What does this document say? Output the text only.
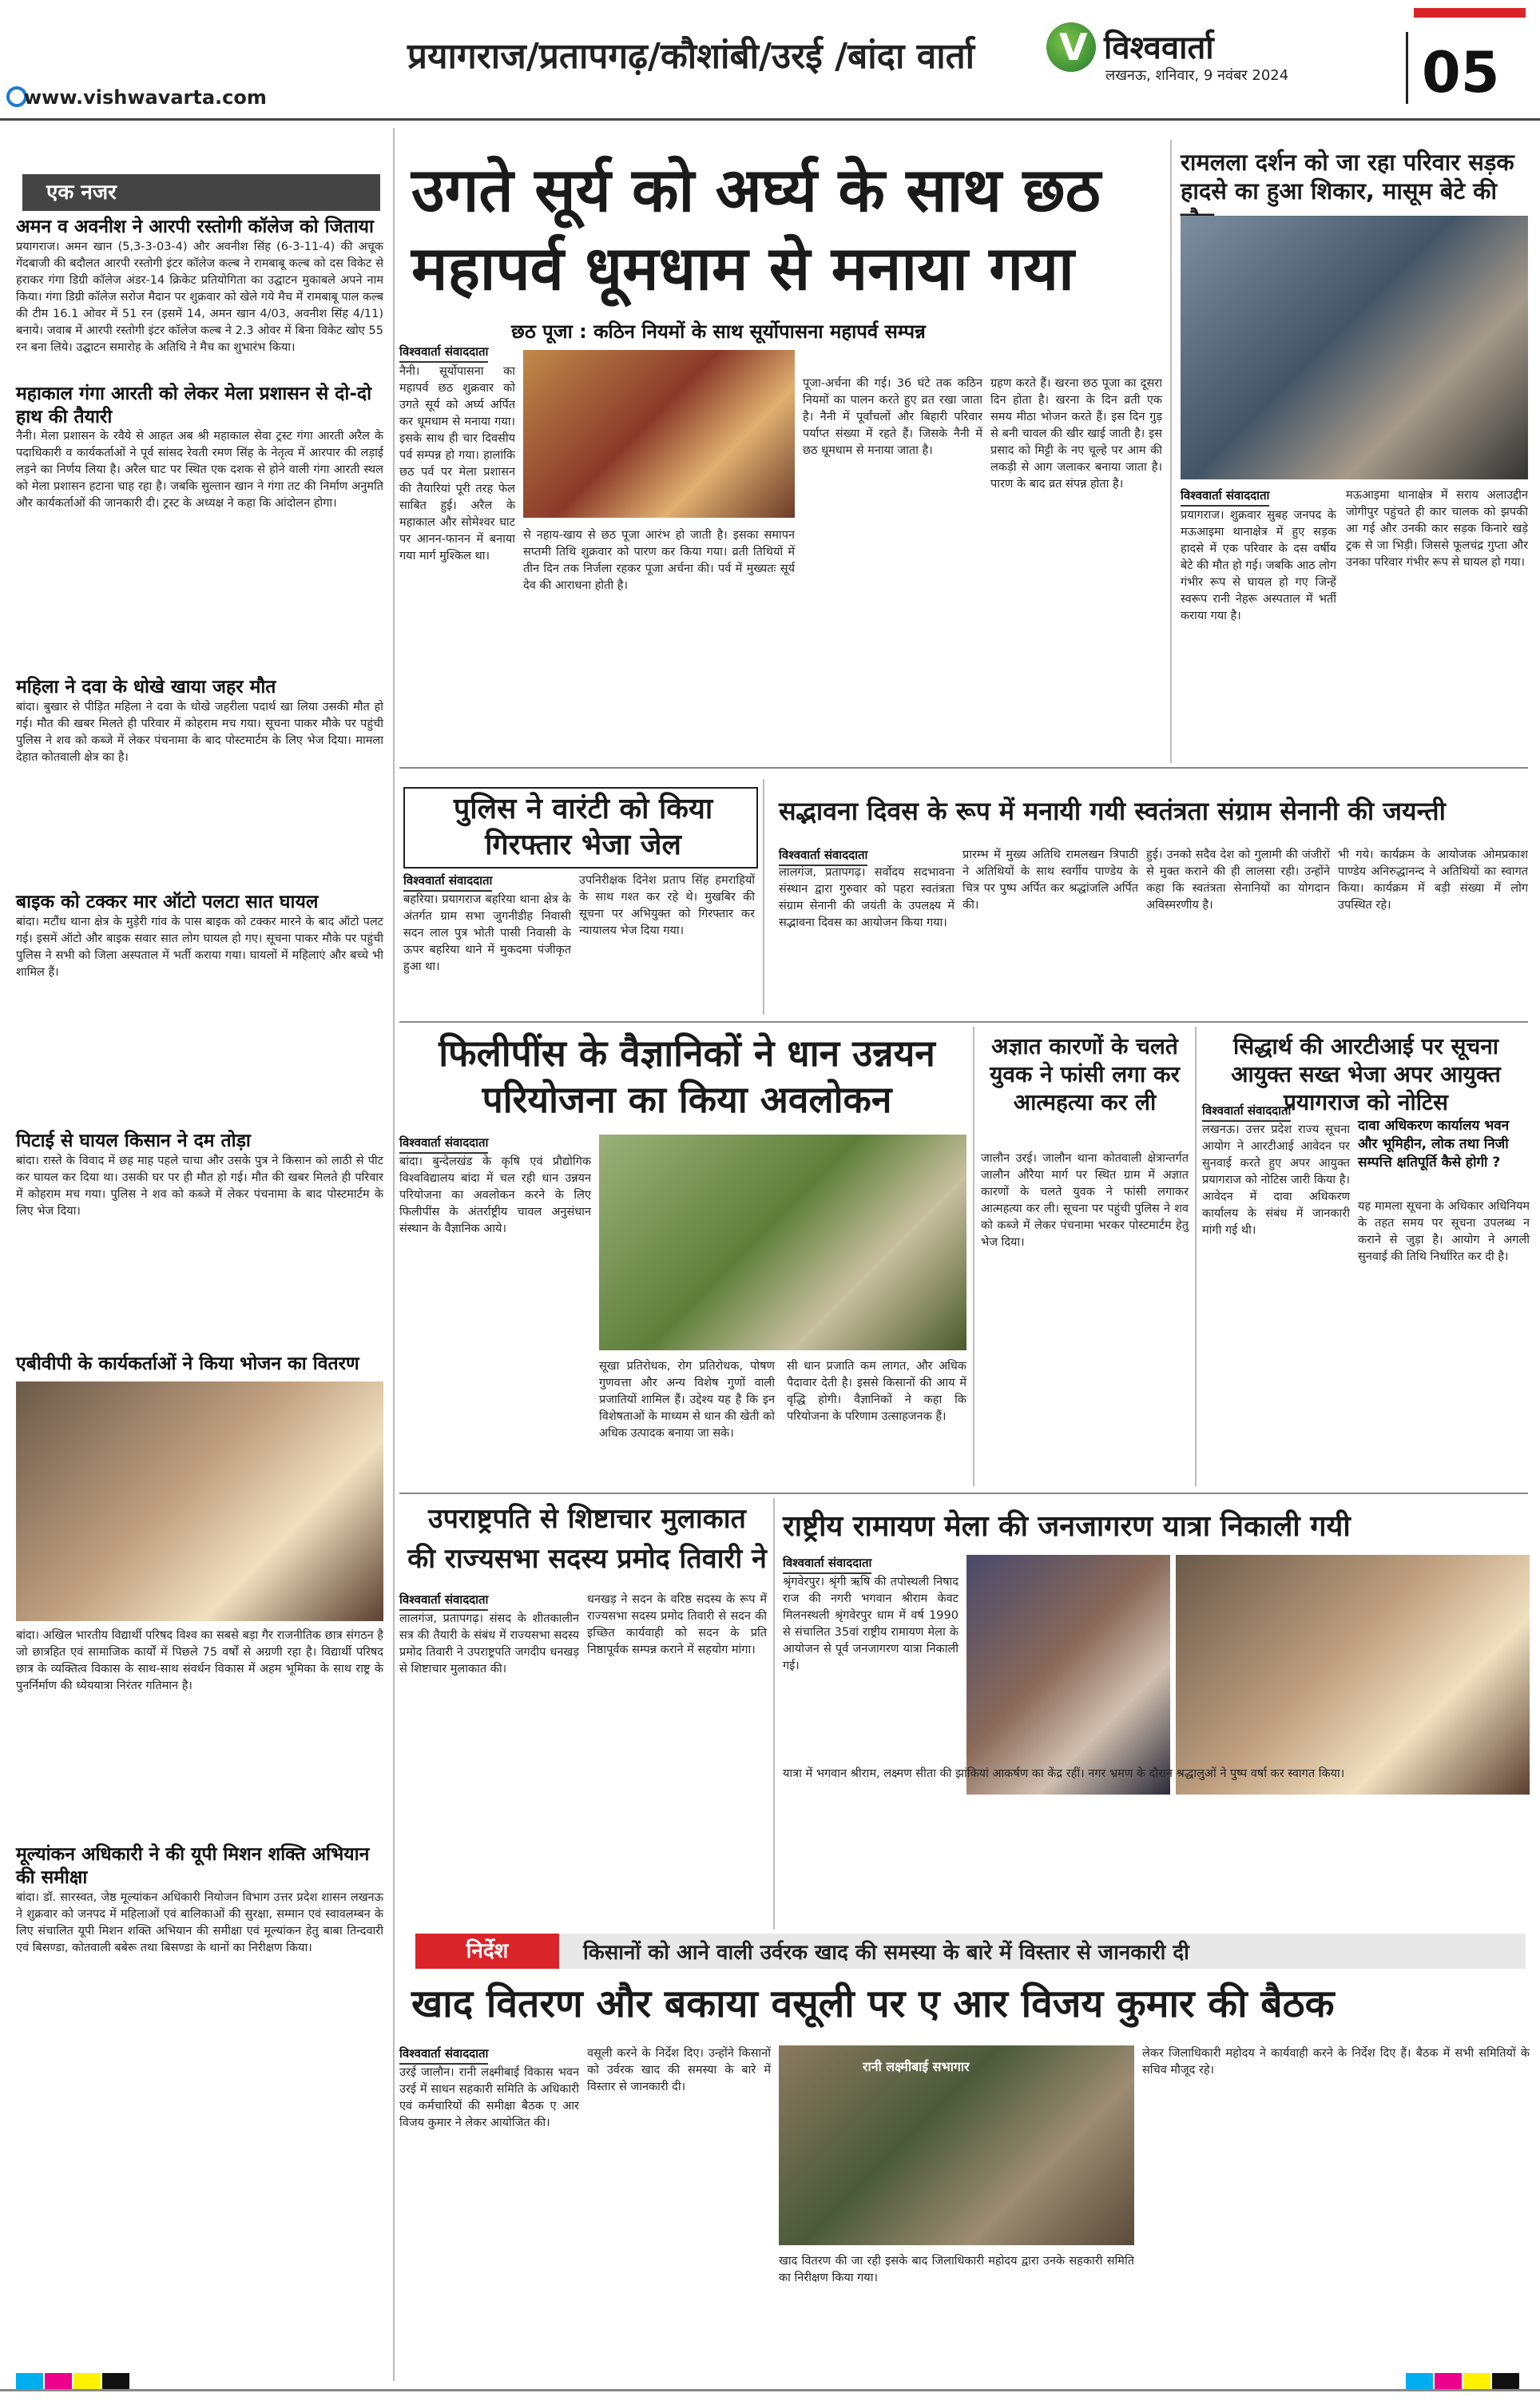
प्रयागराज/प्रतापगढ़/कौशांबी/उरई /बांदा वार्ता V विश्ववार्ता
लखनऊ, शनिवार, 9 नवंबर 2024 05
www.vishwavarta.com
एक नजर
अमन व अवनीश ने आरपी रस्तोगी कॉलेज को जिताया
प्रयागराज। अमन खान (5,3-3-03-4) और अवनीश सिंह (6-3-11-4) की अचूक गेंदबाजी की बदौलत आरपी रस्तोगी इंटर कॉलेज कल्ब ने रामबाबू कल्ब को दस विकेट से हराकर गंगा डिग्री कॉलेज अंडर-14 क्रिकेट प्रतियोगिता का उद्घाटन मुकाबले अपने नाम किया। गंगा डिग्री कॉलेज सरोज मैदान पर शुक्रवार को खेले गये मैच में रामबाबू पाल कल्ब की टीम 16.1 ओवर में 51 रन (इसमें 14, अमन खान 4/03, अवनीश सिंह 4/11) बनाये। जवाब में आरपी रस्तोगी इंटर कॉलेज कल्ब ने 2.3 ओवर में बिना विकेट खोए 55 रन बना लिये। उद्घाटन समारोह के अतिथि ने मैच का शुभारंभ किया।
महाकाल गंगा आरती को लेकर मेला प्रशासन से दो-दो हाथ की तैयारी
नैनी। मेला प्रशासन के रवैये से आहत अब श्री महाकाल सेवा ट्रस्ट गंगा आरती अरैल के पदाधिकारी व कार्यकर्ताओं ने पूर्व सांसद रेवती रमण सिंह के नेतृत्व में आरपार की लड़ाई लड़ने का निर्णय लिया है। अरैल घाट पर स्थित एक दशक से होने वाली गंगा आरती स्थल को मेला प्रशासन हटाना चाह रहा है। जबकि सुल्तान खान ने गंगा तट की निर्माण अनुमति और कार्यकर्ताओं की जानकारी दी। ट्रस्ट के अध्यक्ष ने कहा कि आंदोलन होगा।
महिला ने दवा के धोखे खाया जहर मौत
बांदा। बुखार से पीड़ित महिला ने दवा के धोखे जहरीला पदार्थ खा लिया उसकी मौत हो गई। मौत की खबर मिलते ही परिवार में कोहराम मच गया। सूचना पाकर मौके पर पहुंची पुलिस ने शव को कब्जे में लेकर पंचनामा के बाद पोस्टमार्टम के लिए भेज दिया। मामला देहात कोतवाली क्षेत्र का है।
बाइक को टक्कर मार ऑटो पलटा सात घायल
बांदा। मटौंध थाना क्षेत्र के मुड़ेरी गांव के पास बाइक को टक्कर मारने के बाद ऑटो पलट गई। इसमें ऑटो और बाइक सवार सात लोग घायल हो गए। सूचना पाकर मौके पर पहुंची पुलिस ने सभी को जिला अस्पताल में भर्ती कराया गया। घायलों में महिलाएं और बच्चे भी शामिल हैं।
पिटाई से घायल किसान ने दम तोड़ा
बांदा। रास्ते के विवाद में छह माह पहले चाचा और उसके पुत्र ने किसान को लाठी से पीट कर घायल कर दिया था। उसकी घर पर ही मौत हो गई। मौत की खबर मिलते ही परिवार में कोहराम मच गया। पुलिस ने शव को कब्जे में लेकर पंचनामा के बाद पोस्टमार्टम के लिए भेज दिया।
एबीवीपी के कार्यकर्ताओं ने किया भोजन का वितरण
बांदा। अखिल भारतीय विद्यार्थी परिषद विश्व का सबसे बड़ा गैर राजनीतिक छात्र संगठन है जो छात्रहित एवं सामाजिक कार्यों में पिछले 75 वर्षों से अग्रणी रहा है। विद्यार्थी परिषद छात्र के व्यक्तित्व विकास के साथ-साथ संवर्धन विकास में अहम भूमिका के साथ राष्ट्र के पुनर्निर्माण की ध्येययात्रा निरंतर गतिमान है।
मूल्यांकन अधिकारी ने की यूपी मिशन शक्ति अभियान की समीक्षा
बांदा। डॉ. सारस्वत, जेष्ठ मूल्यांकन अधिकारी नियोजन विभाग उत्तर प्रदेश शासन लखनऊ ने शुक्रवार को जनपद में महिलाओं एवं बालिकाओं की सुरक्षा, सम्मान एवं स्वावलम्बन के लिए संचालित यूपी मिशन शक्ति अभियान की समीक्षा एवं मूल्यांकन हेतु बाबा तिन्दवारी एवं बिसण्डा, कोतवाली बबेरू तथा बिसण्डा के थानों का निरीक्षण किया।
उगते सूर्य को अर्घ्य के साथ छठ
महापर्व धूमधाम से मनाया गया
छठ पूजा : कठिन नियमों के साथ सूर्योपासना महापर्व सम्पन्न
विश्ववार्ता संवाददाता
नैनी। सूर्योपासना का महापर्व छठ शुक्रवार को उगते सूर्य को अर्घ्य अर्पित कर धूमधाम से मनाया गया। इसके साथ ही चार दिवसीय पर्व सम्पन्न हो गया। हालांकि छठ पर्व पर मेला प्रशासन की तैयारियां पूरी तरह फेल साबित हुई। अरैल के महाकाल और सोमेश्वर घाट पर आनन-फानन में बनाया गया मार्ग मुश्किल था।
से नहाय-खाय से छठ पूजा आरंभ हो जाती है। इसका समापन सप्तमी तिथि शुक्रवार को पारण कर किया गया। व्रती तिथियों में तीन दिन तक निर्जला रहकर पूजा अर्चना की। पर्व में मुख्यतः सूर्य देव की आराधना होती है।
पूजा-अर्चना की गई। 36 घंटे तक कठिन नियमों का पालन करते हुए व्रत रखा जाता है। नैनी में पूर्वांचलों और बिहारी परिवार पर्याप्त संख्या में रहते हैं। जिसके नैनी में छठ धूमधाम से मनाया जाता है।
ग्रहण करते हैं। खरना छठ पूजा का दूसरा दिन होता है। खरना के दिन व्रती एक समय मीठा भोजन करते हैं। इस दिन गुड़ से बनी चावल की खीर खाई जाती है। इस प्रसाद को मिट्टी के नए चूल्हे पर आम की लकड़ी से आग जलाकर बनाया जाता है। पारण के बाद व्रत संपन्न होता है।
रामलला दर्शन को जा रहा परिवार सड़क हादसे का हुआ शिकार, मासूम बेटे की
विश्ववार्ता संवाददाता
प्रयागराज। शुक्रवार सुबह जनपद के मऊआइमा थानाक्षेत्र में हुए सड़क हादसे में एक परिवार के दस वर्षीय बेटे की मौत हो गई। जबकि आठ लोग गंभीर रूप से घायल हो गए जिन्हें स्वरूप रानी नेहरू अस्पताल में भर्ती कराया गया है।
मऊआइमा थानाक्षेत्र में सराय अलाउद्दीन जोगीपुर पहुंचते ही कार चालक को झपकी आ गई और उनकी कार सड़क किनारे खड़े ट्रक से जा भिड़ी। जिससे फूलचंद्र गुप्ता और उनका परिवार गंभीर रूप से घायल हो गया।
पुलिस ने वारंटी को किया गिरफ्तार भेजा जेल
विश्ववार्ता संवाददाता
बहरिया। प्रयागराज बहरिया थाना क्षेत्र के अंतर्गत ग्राम सभा जुगनीडीह निवासी सदन लाल पुत्र भोती पासी निवासी के ऊपर बहरिया थाने में मुकदमा पंजीकृत हुआ था।
उपनिरीक्षक दिनेश प्रताप सिंह हमराहियों के साथ गश्त कर रहे थे। मुखबिर की सूचना पर अभियुक्त को गिरफ्तार कर न्यायालय भेज दिया गया।
सद्भावना दिवस के रूप में मनायी गयी स्वतंत्रता संग्राम सेनानी की जयन्ती
विश्ववार्ता संवाददाता
लालगंज, प्रतापगढ़। सर्वोदय सदभावना संस्थान द्वारा गुरुवार को पहरा स्वतंत्रता संग्राम सेनानी की जयंती के उपलक्ष्य में सद्भावना दिवस का आयोजन किया गया।
प्रारम्भ में मुख्य अतिथि रामलखन त्रिपाठी ने अतिथियों के साथ स्वर्गीय पाण्डेय के चित्र पर पुष्प अर्पित कर श्रद्धांजलि अर्पित की।
हुई। उनको सदैव देश को गुलामी की जंजीरों से मुक्त कराने की ही लालसा रही। उन्होंने कहा कि स्वतंत्रता सेनानियों का योगदान अविस्मरणीय है।
भी गये। कार्यक्रम के आयोजक ओमप्रकाश पाण्डेय अनिरुद्धानन्द ने अतिथियों का स्वागत किया। कार्यक्रम में बड़ी संख्या में लोग उपस्थित रहे।
फिलीपींस के वैज्ञानिकों ने धान उन्नयन परियोजना का किया अवलोकन
विश्ववार्ता संवाददाता
बांदा। बुन्देलखंड के कृषि एवं प्रौद्योगिक विश्वविद्यालय बांदा में चल रही धान उन्नयन परियोजना का अवलोकन करने के लिए फिलीपींस के अंतर्राष्ट्रीय चावल अनुसंधान संस्थान के वैज्ञानिक आये।
सूखा प्रतिरोधक, रोग प्रतिरोधक, पोषण गुणवत्ता और अन्य विशेष गुणों वाली प्रजातियों शामिल हैं। उद्देश्य यह है कि इन विशेषताओं के माध्यम से धान की खेती को अधिक उत्पादक बनाया जा सके।
सी धान प्रजाति कम लागत, और अधिक पैदावार देती है। इससे किसानों की आय में वृद्धि होगी। वैज्ञानिकों ने कहा कि परियोजना के परिणाम उत्साहजनक हैं।
अज्ञात कारणों के चलते युवक ने फांसी लगा कर आत्महत्या कर ली
जालौन उरई। जालौन थाना कोतवाली क्षेत्रान्तर्गत जालौन औरैया मार्ग पर स्थित ग्राम में अज्ञात कारणों के चलते युवक ने फांसी लगाकर आत्महत्या कर ली। सूचना पर पहुंची पुलिस ने शव को कब्जे में लेकर पंचनामा भरकर पोस्टमार्टम हेतु भेज दिया।
सिद्धार्थ की आरटीआई पर सूचना आयुक्त सख्त भेजा अपर आयुक्त प्रयागराज को नोटिस
विश्ववार्ता संवाददाता
दावा अधिकरण कार्यालय भवन और भूमिहीन, लोक तथा निजी सम्पत्ति क्षतिपूर्ति कैसे होगी ?
लखनऊ। उत्तर प्रदेश राज्य सूचना आयोग ने आरटीआई आवेदन पर सुनवाई करते हुए अपर आयुक्त प्रयागराज को नोटिस जारी किया है। आवेदन में दावा अधिकरण कार्यालय के संबंध में जानकारी मांगी गई थी।
यह मामला सूचना के अधिकार अधिनियम के तहत समय पर सूचना उपलब्ध न कराने से जुड़ा है। आयोग ने अगली सुनवाई की तिथि निर्धारित कर दी है।
उपराष्ट्रपति से शिष्टाचार मुलाकात
की राज्यसभा सदस्य प्रमोद तिवारी ने
विश्ववार्ता संवाददाता
लालगंज, प्रतापगढ़। संसद के शीतकालीन सत्र की तैयारी के संबंध में राज्यसभा सदस्य प्रमोद तिवारी ने उपराष्ट्रपति जगदीप धनखड़ से शिष्टाचार मुलाकात की।
धनखड़ ने सदन के वरिष्ठ सदस्य के रूप में राज्यसभा सदस्य प्रमोद तिवारी से सदन की इच्छित कार्यवाही को सदन के प्रति निष्ठापूर्वक सम्पन्न कराने में सहयोग मांगा।
राष्ट्रीय रामायण मेला की जनजागरण यात्रा निकाली गयी
विश्ववार्ता संवाददाता
श्रृंगवेरपुर। श्रृंगी ऋषि की तपोस्थली निषाद राज की नगरी भगवान श्रीराम केवट मिलनस्थली श्रृंगवेरपुर धाम में वर्ष 1990 से संचालित 35वां राष्ट्रीय रामायण मेला के आयोजन से पूर्व जनजागरण यात्रा निकाली गई।
यात्रा में भगवान श्रीराम, लक्ष्मण सीता की झांकियां आकर्षण का केंद्र रहीं। नगर भ्रमण के दौरान श्रद्धालुओं ने पुष्प वर्षा कर स्वागत किया।
निर्देश	किसानों को आने वाली उर्वरक खाद की समस्या के बारे में विस्तार से जानकारी दी
खाद वितरण और बकाया वसूली पर ए आर विजय कुमार की बैठक
विश्ववार्ता संवाददाता
उरई जालौन। रानी लक्ष्मीबाई विकास भवन उरई में साधन सहकारी समिति के अधिकारी एवं कर्मचारियों की समीक्षा बैठक ए आर विजय कुमार ने लेकर आयोजित की।
वसूली करने के निर्देश दिए। उन्होंने किसानों को उर्वरक खाद की समस्या के बारे में विस्तार से जानकारी दी।
रानी लक्ष्मीबाई सभागार
खाद वितरण की जा रही इसके बाद जिलाधिकारी महोदय द्वारा उनके सहकारी समिति का निरीक्षण किया गया।
लेकर जिलाधिकारी महोदय ने कार्यवाही करने के निर्देश दिए हैं। बैठक में सभी समितियों के सचिव मौजूद रहे।
